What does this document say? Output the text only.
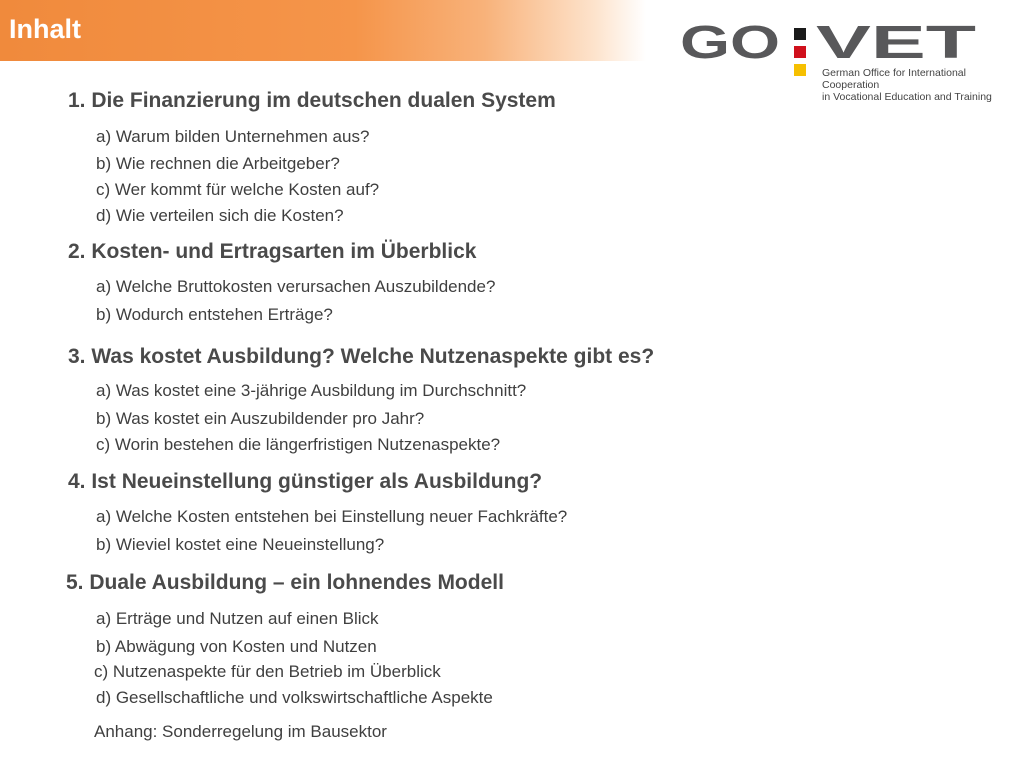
Inhalt	GO VET
German Office for International Cooperation
in Vocational Education and Training
1. Die Finanzierung im deutschen dualen System
a) Warum bilden Unternehmen aus?
b) Wie rechnen die Arbeitgeber?
c) Wer kommt für welche Kosten auf?
d) Wie verteilen sich die Kosten?
2. Kosten- und Ertragsarten im Überblick
a) Welche Bruttokosten verursachen Auszubildende?
b) Wodurch entstehen Erträge?
3. Was kostet Ausbildung? Welche Nutzenaspekte gibt es?
a) Was kostet eine 3-jährige Ausbildung im Durchschnitt?
b) Was kostet ein Auszubildender pro Jahr?
c) Worin bestehen die längerfristigen Nutzenaspekte?
4. Ist Neueinstellung günstiger als Ausbildung?
a) Welche Kosten entstehen bei Einstellung neuer Fachkräfte?
b) Wieviel kostet eine Neueinstellung?
5. Duale Ausbildung – ein lohnendes Modell
a) Erträge und Nutzen auf einen Blick
b) Abwägung von Kosten und Nutzen
c) Nutzenaspekte für den Betrieb im Überblick
d) Gesellschaftliche und volkswirtschaftliche Aspekte
Anhang: Sonderregelung im Bausektor
